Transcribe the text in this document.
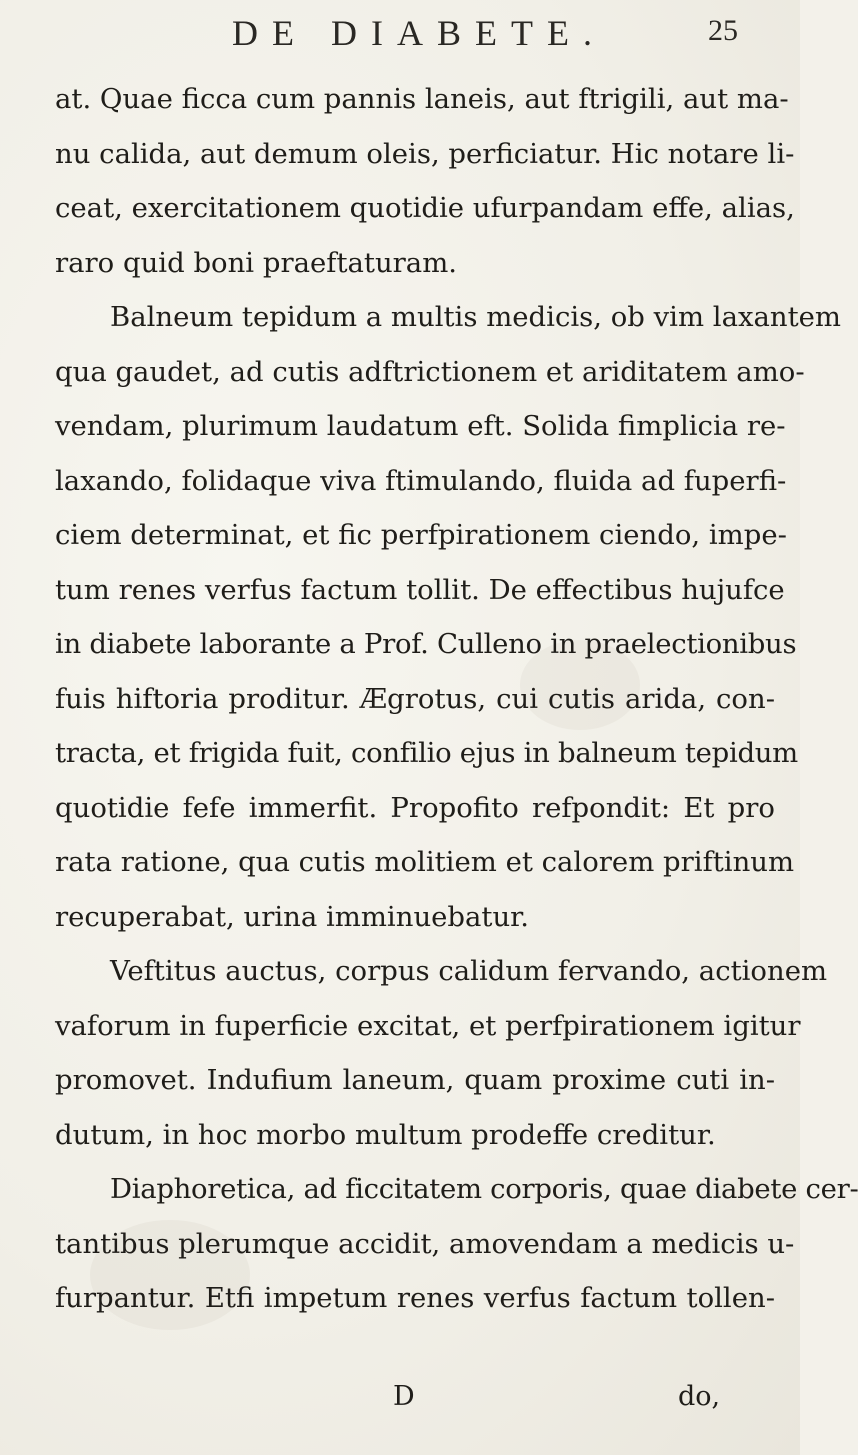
DE DIABETE.	25
at. Quae ficca cum pannis laneis, aut ftrigili, aut ma-
nu calida, aut demum oleis, perficiatur. Hic notare li-
ceat, exercitationem quotidie ufurpandam effe, alias,
raro quid boni praeftaturam.
Balneum tepidum a multis medicis, ob vim laxantem
qua gaudet, ad cutis adftrictionem et ariditatem amo-
vendam, plurimum laudatum eft. Solida fimplicia re-
laxando, folidaque viva ftimulando, fluida ad fuperfi-
ciem determinat, et fic perfpirationem ciendo, impe-
tum renes verfus factum tollit. De effectibus hujufce
in diabete laborante a Prof. Culleno in praelectionibus
fuis hiftoria proditur. Ægrotus, cui cutis arida, con-
tracta, et frigida fuit, confilio ejus in balneum tepidum
quotidie fefe immerfit. Propofito refpondit: Et pro
rata ratione, qua cutis molitiem et calorem priftinum
recuperabat, urina imminuebatur.
Veftitus auctus, corpus calidum fervando, actionem
vaforum in fuperficie excitat, et perfpirationem igitur
promovet. Indufium laneum, quam proxime cuti in-
dutum, in hoc morbo multum prodeffe creditur.
Diaphoretica, ad ficcitatem corporis, quae diabete cer-
tantibus plerumque accidit, amovendam a medicis u-
furpantur. Etfi impetum renes verfus factum tollen-
D	do,
